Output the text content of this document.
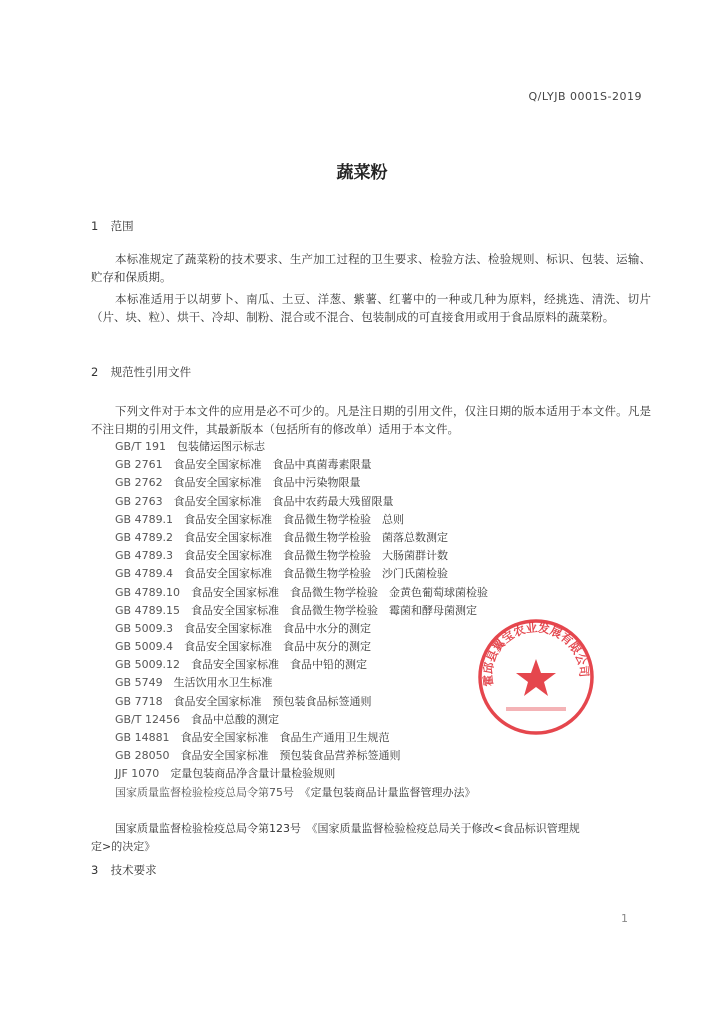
Q/LYJB 0001S-2019
蔬菜粉
1 范围
本标准规定了蔬菜粉的技术要求、生产加工过程的卫生要求、检验方法、检验规则、标识、包装、运输、贮存和保质期。
本标准适用于以胡萝卜、南瓜、土豆、洋葱、紫薯、红薯中的一种或几种为原料，经挑选、清洗、切片（片、块、粒）、烘干、冷却、制粉、混合或不混合、包装制成的可直接食用或用于食品原料的蔬菜粉。
2 规范性引用文件
下列文件对于本文件的应用是必不可少的。凡是注日期的引用文件，仅注日期的版本适用于本文件。凡是不注日期的引用文件，其最新版本（包括所有的修改单）适用于本文件。
GB/T 191　 包装储运图示标志
GB 2761　 食品安全国家标准　食品中真菌毒素限量
GB 2762　 食品安全国家标准　食品中污染物限量
GB 2763　 食品安全国家标准　食品中农药最大残留限量
GB 4789.1　 食品安全国家标准　食品微生物学检验　总则
GB 4789.2　 食品安全国家标准　食品微生物学检验　菌落总数测定
GB 4789.3　 食品安全国家标准　食品微生物学检验　大肠菌群计数
GB 4789.4　 食品安全国家标准　食品微生物学检验　沙门氏菌检验
GB 4789.10　 食品安全国家标准　食品微生物学检验　金黄色葡萄球菌检验
GB 4789.15　 食品安全国家标准　食品微生物学检验　霉菌和酵母菌测定
GB 5009.3　 食品安全国家标准　食品中水分的测定
GB 5009.4　 食品安全国家标准　食品中灰分的测定
GB 5009.12　 食品安全国家标准　食品中铅的测定
GB 5749　 生活饮用水卫生标准
GB 7718　 食品安全国家标准　预包装食品标签通则
GB/T 12456　 食品中总酸的测定
GB 14881　 食品安全国家标准　食品生产通用卫生规范
GB 28050　 食品安全国家标准　预包装食品营养标签通则
JJF 1070　 定量包装商品净含量计量检验规则
国家质量监督检验检疫总局令第75号　 《定量包装商品计量监督管理办法》
国家质量监督检验检疫总局令第123号　《国家质量监督检验检疫总局关于修改<食品标识管理规
定>的决定》
3 技术要求
霍邱县翼宝农业发展有限公司
1
